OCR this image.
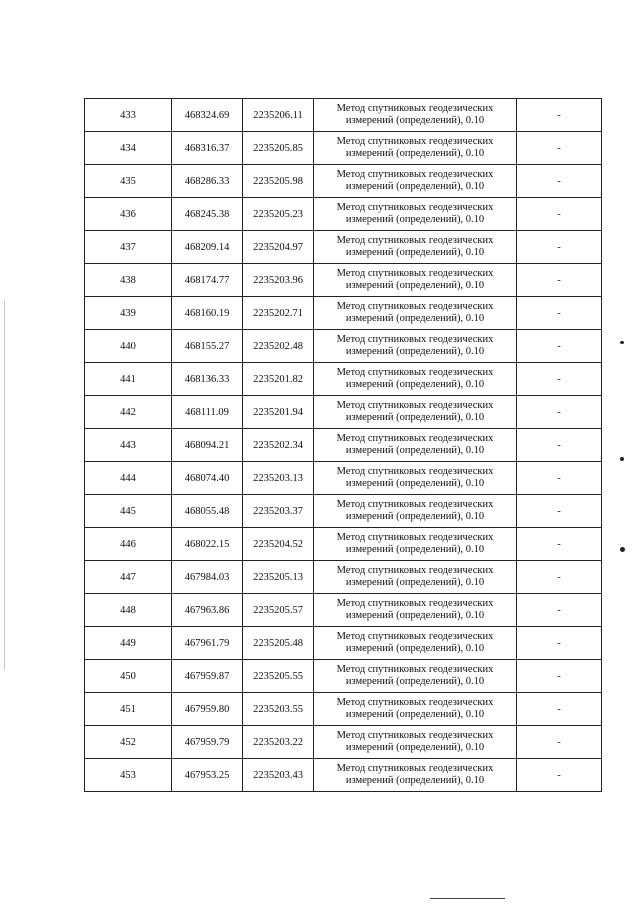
433	468324.69	2235206.11	Метод спутниковых геодезических
измерений (определений), 0.10	-
434	468316.37	2235205.85	Метод спутниковых геодезических
измерений (определений), 0.10	-
435	468286.33	2235205.98	Метод спутниковых геодезических
измерений (определений), 0.10	-
436	468245.38	2235205.23	Метод спутниковых геодезических
измерений (определений), 0.10	-
437	468209.14	2235204.97	Метод спутниковых геодезических
измерений (определений), 0.10	-
438	468174.77	2235203.96	Метод спутниковых геодезических
измерений (определений), 0.10	-
439	468160.19	2235202.71	Метод спутниковых геодезических
измерений (определений), 0.10	-
440	468155.27	2235202.48	Метод спутниковых геодезических
измерений (определений), 0.10	-
441	468136.33	2235201.82	Метод спутниковых геодезических
измерений (определений), 0.10	-
442	468111.09	2235201.94	Метод спутниковых геодезических
измерений (определений), 0.10	-
443	468094.21	2235202.34	Метод спутниковых геодезических
измерений (определений), 0.10	-
444	468074.40	2235203.13	Метод спутниковых геодезических
измерений (определений), 0.10	-
445	468055.48	2235203.37	Метод спутниковых геодезических
измерений (определений), 0.10	-
446	468022.15	2235204.52	Метод спутниковых геодезических
измерений (определений), 0.10	-
447	467984.03	2235205.13	Метод спутниковых геодезических
измерений (определений), 0.10	-
448	467963.86	2235205.57	Метод спутниковых геодезических
измерений (определений), 0.10	-
449	467961.79	2235205.48	Метод спутниковых геодезических
измерений (определений), 0.10	-
450	467959.87	2235205.55	Метод спутниковых геодезических
измерений (определений), 0.10	-
451	467959.80	2235203.55	Метод спутниковых геодезических
измерений (определений), 0.10	-
452	467959.79	2235203.22	Метод спутниковых геодезических
измерений (определений), 0.10	-
453	467953.25	2235203.43	Метод спутниковых геодезических
измерений (определений), 0.10	-
